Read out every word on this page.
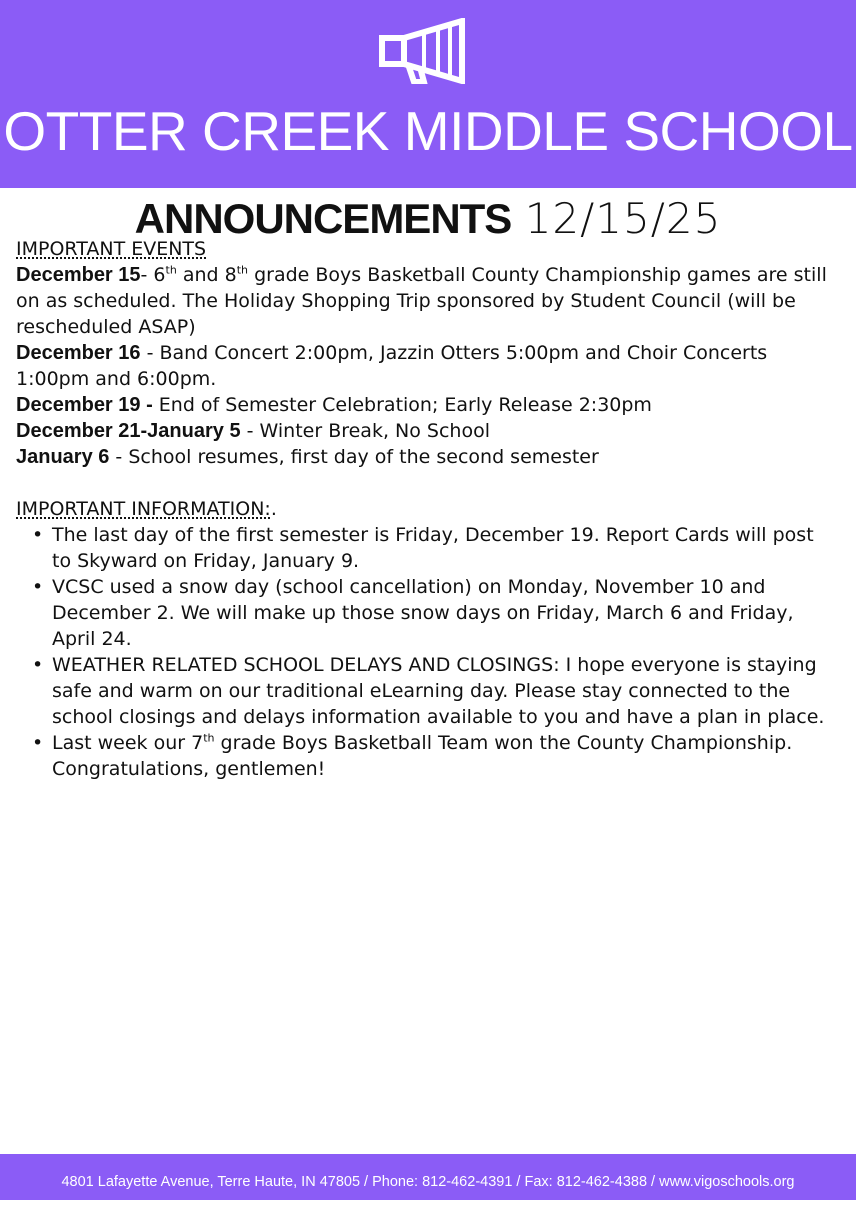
OTTER CREEK MIDDLE SCHOOL
ANNOUNCEMENTS 12/15/25

IMPORTANT EVENTS

December 15- 6th and 8th grade Boys Basketball County Championship games are still on as scheduled. The Holiday Shopping Trip sponsored by Student Council (will be rescheduled ASAP)

December 16 - Band Concert 2:00pm, Jazzin Otters 5:00pm and Choir Concerts 1:00pm and 6:00pm.

December 19 - End of Semester Celebration; Early Release 2:30pm

December 21-January 5 - Winter Break, No School

January 6 - School resumes, first day of the second semester

IMPORTANT INFORMATION:.

• The last day of the first semester is Friday, December 19. Report Cards will post to Skyward on Friday, January 9.
• VCSC used a snow day (school cancellation) on Monday, November 10 and December 2. We will make up those snow days on Friday, March 6 and Friday, April 24.
• WEATHER RELATED SCHOOL DELAYS AND CLOSINGS: I hope everyone is staying safe and warm on our traditional eLearning day. Please stay connected to the school closings and delays information available to you and have a plan in place.
• Last week our 7th grade Boys Basketball Team won the County Championship. Congratulations, gentlemen!
4801 Lafayette Avenue, Terre Haute, IN 47805 / Phone: 812-462-4391 / Fax: 812-462-4388 / www.vigoschools.org
